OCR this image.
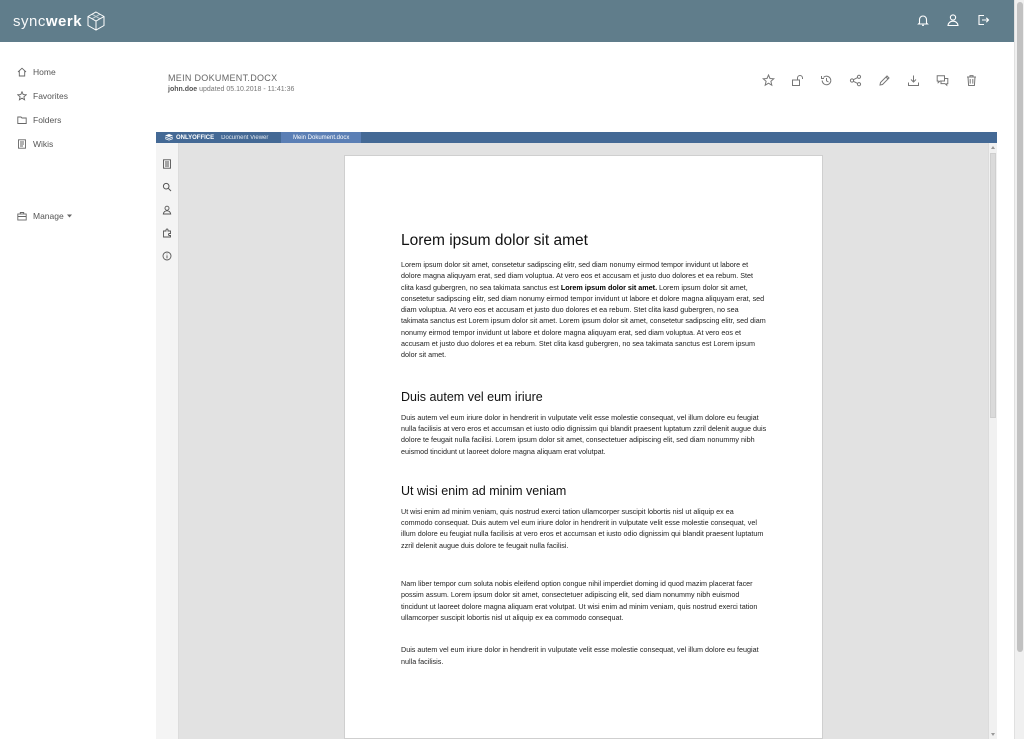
sync werk
Home
Favorites
Folders
Wikis
Manage
MEIN DOKUMENT.DOCX
john.doe updated 05.10.2018 - 11:41:36
ONLYOFFICE Document Viewer	Mein Dokument.docx
Lorem ipsum dolor sit amet

Lorem ipsum dolor sit amet, consetetur sadipscing elitr, sed diam nonumy eirmod tempor invidunt ut labore et dolore magna aliquyam erat, sed diam voluptua. At vero eos et accusam et justo duo dolores et ea rebum. Stet clita kasd gubergren, no sea takimata sanctus est Lorem ipsum dolor sit amet. Lorem ipsum dolor sit amet, consetetur sadipscing elitr, sed diam nonumy eirmod tempor invidunt ut labore et dolore magna aliquyam erat, sed diam voluptua. At vero eos et accusam et justo duo dolores et ea rebum. Stet clita kasd gubergren, no sea takimata sanctus est Lorem ipsum dolor sit amet. Lorem ipsum dolor sit amet, consetetur sadipscing elitr, sed diam nonumy eirmod tempor invidunt ut labore et dolore magna aliquyam erat, sed diam voluptua. At vero eos et accusam et justo duo dolores et ea rebum. Stet clita kasd gubergren, no sea takimata sanctus est Lorem ipsum dolor sit amet.

Duis autem vel eum iriure

Duis autem vel eum iriure dolor in hendrerit in vulputate velit esse molestie consequat, vel illum dolore eu feugiat nulla facilisis at vero eros et accumsan et iusto odio dignissim qui blandit praesent luptatum zzril delenit augue duis dolore te feugait nulla facilisi. Lorem ipsum dolor sit amet, consectetuer adipiscing elit, sed diam nonummy nibh euismod tincidunt ut laoreet dolore magna aliquam erat volutpat.

Ut wisi enim ad minim veniam

Ut wisi enim ad minim veniam, quis nostrud exerci tation ullamcorper suscipit lobortis nisl ut aliquip ex ea commodo consequat. Duis autem vel eum iriure dolor in hendrerit in vulputate velit esse molestie consequat, vel illum dolore eu feugiat nulla facilisis at vero eros et accumsan et iusto odio dignissim qui blandit praesent luptatum zzril delenit augue duis dolore te feugait nulla facilisi.

Nam liber tempor cum soluta nobis eleifend option congue nihil imperdiet doming id quod mazim placerat facer possim assum. Lorem ipsum dolor sit amet, consectetuer adipiscing elit, sed diam nonummy nibh euismod tincidunt ut laoreet dolore magna aliquam erat volutpat. Ut wisi enim ad minim veniam, quis nostrud exerci tation ullamcorper suscipit lobortis nisl ut aliquip ex ea commodo consequat.

Duis autem vel eum iriure dolor in hendrerit in vulputate velit esse molestie consequat, vel illum dolore eu feugiat nulla facilisis.
